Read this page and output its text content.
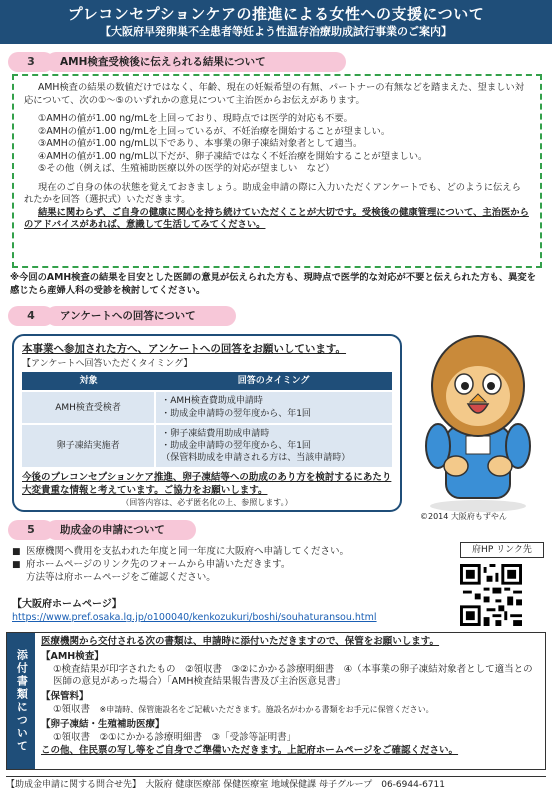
プレコンセプションケアの推進による女性への支援について
【大阪府早発卵巣不全患者等妊よう性温存治療助成試行事業のご案内】
3	AMH検査受検後に伝えられる結果について

AMH検査の結果の数値だけではなく、年齢、現在の妊娠希望の有無、パートナーの有無などを踏まえた、望ましい対応について、次の①～⑤のいずれかの意見について主治医からお伝えがあります。

①AMHの値が1.00 ng/mLを上回っており、現時点では医学的対応も不要。
②AMHの値が1.00 ng/mLを上回っているが、不妊治療を開始することが望ましい。
③AMHの値が1.00 ng/mL以下であり、本事業の卵子凍結対象者として適当。
④AMHの値が1.00 ng/mL以下だが、卵子凍結ではなく不妊治療を開始することが望ましい。
⑤その他（例えば、生殖補助医療以外の医学的対応が望ましい　など）

現在のご自身の体の状態を覚えておきましょう。助成金申請の際に入力いただくアンケートでも、どのように伝えられたかを回答（選択式）いただきます。

結果に関わらず、ご自身の健康に関心を持ち続けていただくことが大切です。受検後の健康管理について、主治医からのアドバイスがあれば、意識して生活してみてください。

※今回のAMH検査の結果を目安とした医師の意見が伝えられた方も、現時点で医学的な対応が不要と伝えられた方も、異変を感じたら産婦人科の受診を検討してください。
4	アンケートへの回答について
本事業へ参加された方へ、アンケートへの回答をお願いしています。
【アンケートへ回答いただくタイミング】
対象	回答のタイミング
AMH検査受検者	・AMH検査費助成申請時
・助成金申請時の翌年度から、年1回
卵子凍結実施者	・卵子凍結費用助成申請時
・助成金申請時の翌年度から、年1回
（保管料助成を申請される方は、当該申請時）
今後のプレコンセプションケア推進、卵子凍結等への助成のあり方を検討するにあたり大変貴重な情報と考えています。ご協力をお願いします。
（回答内容は、必ず匿名化の上、参照します。）
©2014 大阪府もずやん
5	助成金の申請について
■ 医療機関へ費用を支払われた年度と同一年度に大阪府へ申請してください。
■ 府ホームページのリンク先のフォームから申請いただきます。
方法等は府ホームページをご確認ください。
【大阪府ホームページ】
https://www.pref.osaka.lg.jp/o100040/kenkozukuri/boshi/souhaturansou.html
府HP リンク先
添付書類について
医療機関から交付される次の書類は、申請時に添付いただきますので、保管をお願いします。
【AMH検査】
①検査結果が印字されたもの　②領収書　③②にかかる診療明細書　④（本事業の卵子凍結対象者として適当との医師の意見があった場合）「AMH検査結果報告書及び主治医意見書」
【保管料】
①領収書　 ※申請時、保管施設名をご記載いただきます。施設名がわかる書類をお手元に保管ください。
【卵子凍結・生殖補助医療】
①領収書　②①にかかる診療明細書　③「受診等証明書」
この他、住民票の写し等をご自身でご準備いただきます。上記府ホームページをご確認ください。
【助成金申請に関する問合せ先】　大阪府 健康医療部 保健医療室 地域保健課 母子グループ　06-6944-6711
